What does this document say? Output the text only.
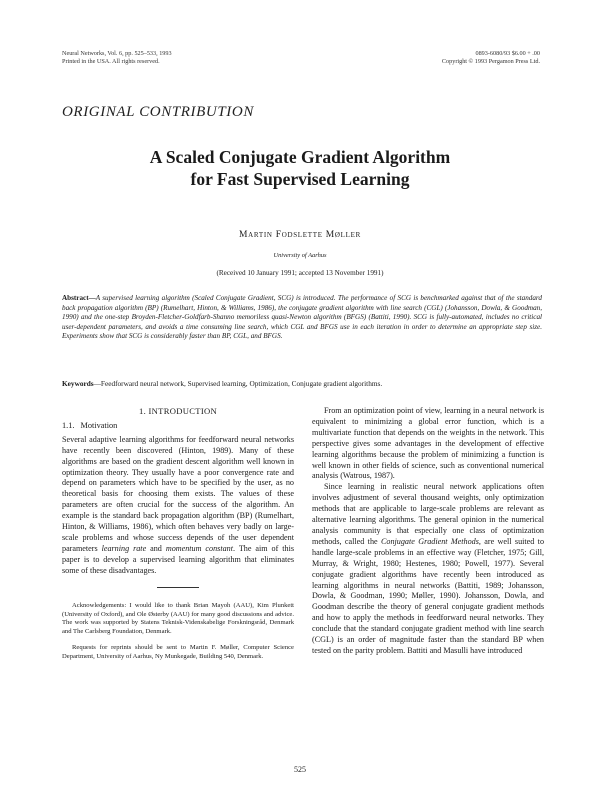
Neural Networks, Vol. 6, pp. 525–533, 1993
Printed in the USA. All rights reserved.
0893-6080/93 $6.00 + .00
Copyright © 1993 Pergamon Press Ltd.
ORIGINAL CONTRIBUTION
A Scaled Conjugate Gradient Algorithm
for Fast Supervised Learning
Martin Fodslette Møller
University of Aarhus
(Received 10 January 1991; accepted 13 November 1991)
Abstract—A supervised learning algorithm (Scaled Conjugate Gradient, SCG) is introduced. The performance of SCG is benchmarked against that of the standard back propagation algorithm (BP) (Rumelhart, Hinton, & Williams, 1986), the conjugate gradient algorithm with line search (CGL) (Johansson, Dowla, & Goodman, 1990) and the one-step Broyden-Fletcher-Goldfarb-Shanno memoriless quasi-Newton algorithm (BFGS) (Battiti, 1990). SCG is fully-automated, includes no critical user-dependent parameters, and avoids a time consuming line search, which CGL and BFGS use in each iteration in order to determine an appropriate step size. Experiments show that SCG is considerably faster than BP, CGL, and BFGS.
Keywords—Feedforward neural network, Supervised learning, Optimization, Conjugate gradient algorithms.
1. INTRODUCTION
1.1. Motivation

Several adaptive learning algorithms for feedforward neural networks have recently been discovered (Hinton, 1989). Many of these algorithms are based on the gradient descent algorithm well known in optimization theory. They usually have a poor convergence rate and depend on parameters which have to be specified by the user, as no theoretical basis for choosing them exists. The values of these parameters are often crucial for the success of the algorithm. An example is the standard back propagation algorithm (BP) (Rumelhart, Hinton, & Williams, 1986), which often behaves very badly on large-scale problems and whose success depends of the user dependent parameters learning rate and momentum constant. The aim of this paper is to develop a supervised learning algorithm that eliminates some of these disadvantages.

Acknowledgements: I would like to thank Brian Mayoh (AAU), Kim Plunkett (University of Oxford), and Ole Østerby (AAU) for many good discussions and advice. The work was supported by Statens Teknisk-Videnskabelige Forskningsråd, Denmark and The Carlsberg Foundation, Denmark.

Requests for reprints should be sent to Martin F. Møller, Computer Science Department, University of Aarhus, Ny Munkegade, Building 540, Denmark.

From an optimization point of view, learning in a neural network is equivalent to minimizing a global error function, which is a multivariate function that depends on the weights in the network. This perspective gives some advantages in the development of effective learning algorithms because the problem of minimizing a function is well known in other fields of science, such as conventional numerical analysis (Watrous, 1987).

Since learning in realistic neural network applications often involves adjustment of several thousand weights, only optimization methods that are applicable to large-scale problems are relevant as alternative learning algorithms. The general opinion in the numerical analysis community is that especially one class of optimization methods, called the Conjugate Gradient Methods, are well suited to handle large-scale problems in an effective way (Fletcher, 1975; Gill, Murray, & Wright, 1980; Hestenes, 1980; Powell, 1977). Several conjugate gradient algorithms have recently been introduced as learning algorithms in neural networks (Battiti, 1989; Johansson, Dowla, & Goodman, 1990; Møller, 1990). Johansson, Dowla, and Goodman describe the theory of general conjugate gradient methods and how to apply the methods in feedforward neural networks. They conclude that the standard conjugate gradient method with line search (CGL) is an order of magnitude faster than the standard BP when tested on the parity problem. Battiti and Masulli have introduced

525
